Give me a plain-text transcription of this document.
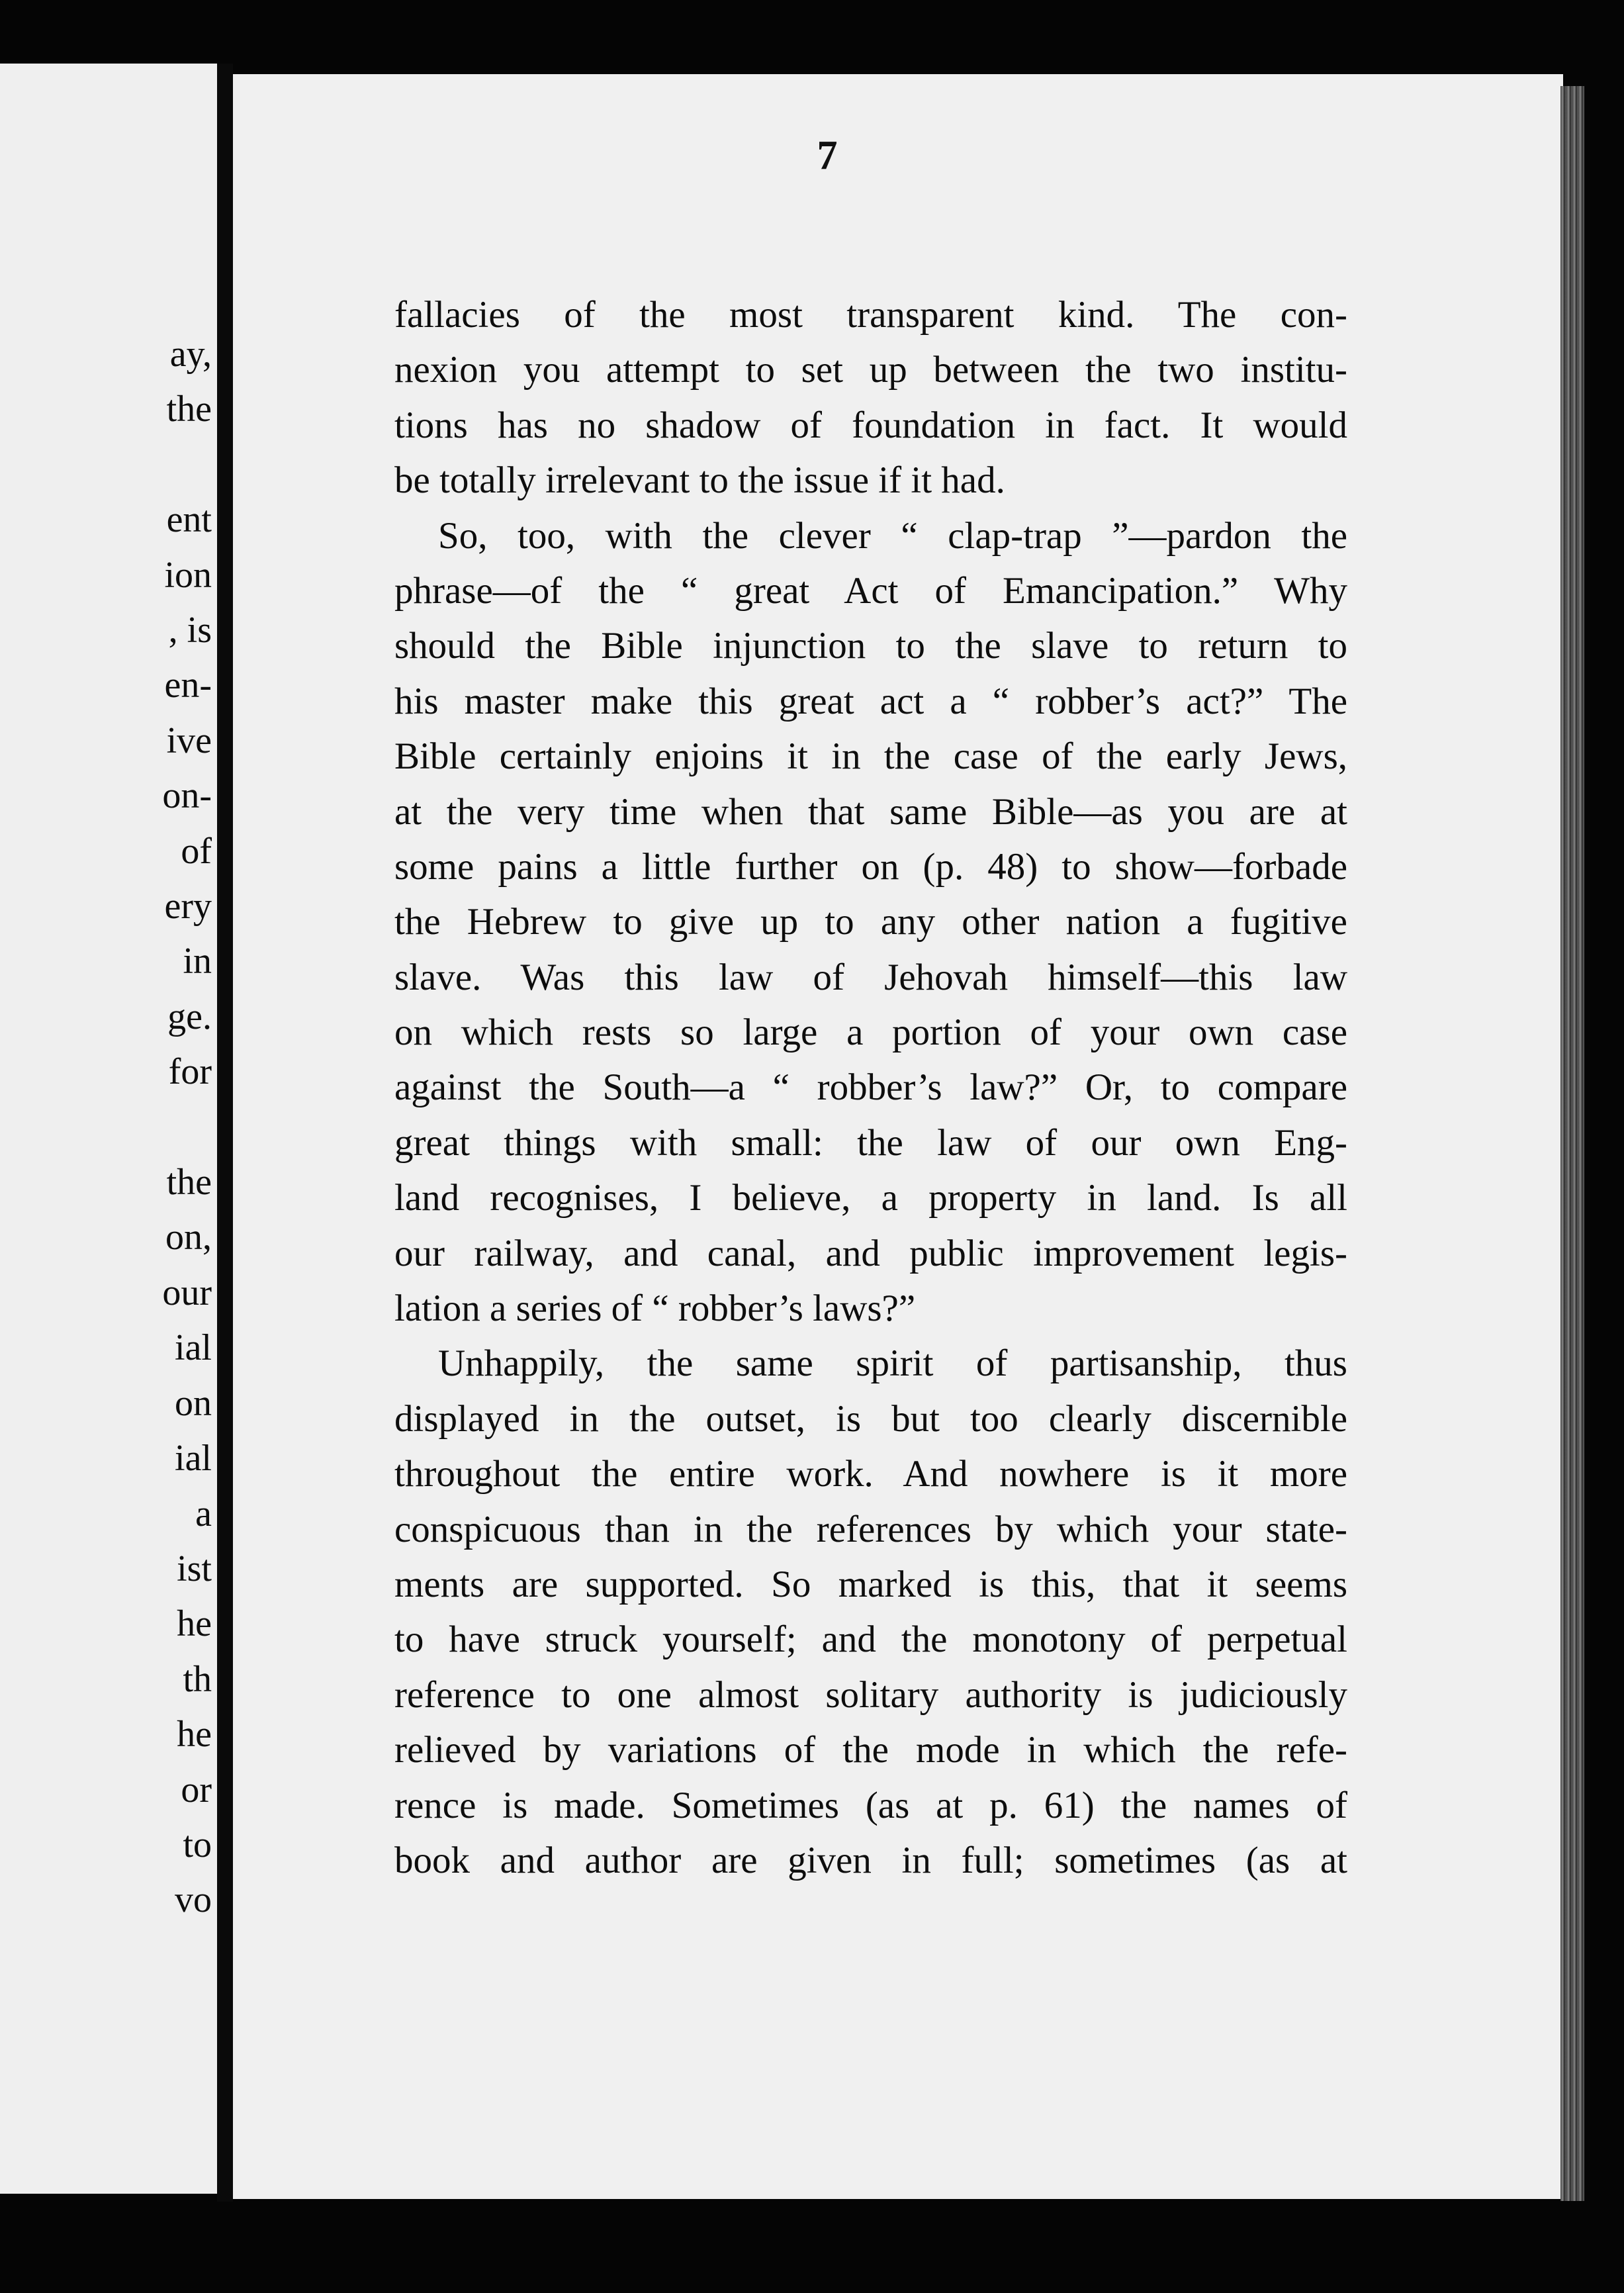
ay,
the
ent
ion
, is
en-
ive
on-
of
ery
in
ge.
for
the
on,
our
ial
on
ial
a
ist
he
th
he
or
to
vo
7
fallacies of the most transparent kind. The con-
nexion you attempt to set up between the two institu-
tions has no shadow of foundation in fact. It would
be totally irrelevant to the issue if it had.
So, too, with the clever “ clap-trap ”—pardon the
phrase—of the “ great Act of Emancipation.” Why
should the Bible injunction to the slave to return to
his master make this great act a “ robber’s act?” The
Bible certainly enjoins it in the case of the early Jews,
at the very time when that same Bible—as you are at
some pains a little further on (p. 48) to show—forbade
the Hebrew to give up to any other nation a fugitive
slave. Was this law of Jehovah himself—this law
on which rests so large a portion of your own case
against the South—a “ robber’s law?” Or, to compare
great things with small: the law of our own Eng-
land recognises, I believe, a property in land. Is all
our railway, and canal, and public improvement legis-
lation a series of “ robber’s laws?”
Unhappily, the same spirit of partisanship, thus
displayed in the outset, is but too clearly discernible
throughout the entire work. And nowhere is it more
conspicuous than in the references by which your state-
ments are supported. So marked is this, that it seems
to have struck yourself; and the monotony of perpetual
reference to one almost solitary authority is judiciously
relieved by variations of the mode in which the refe-
rence is made. Sometimes (as at p. 61) the names of
book and author are given in full; sometimes (as at
